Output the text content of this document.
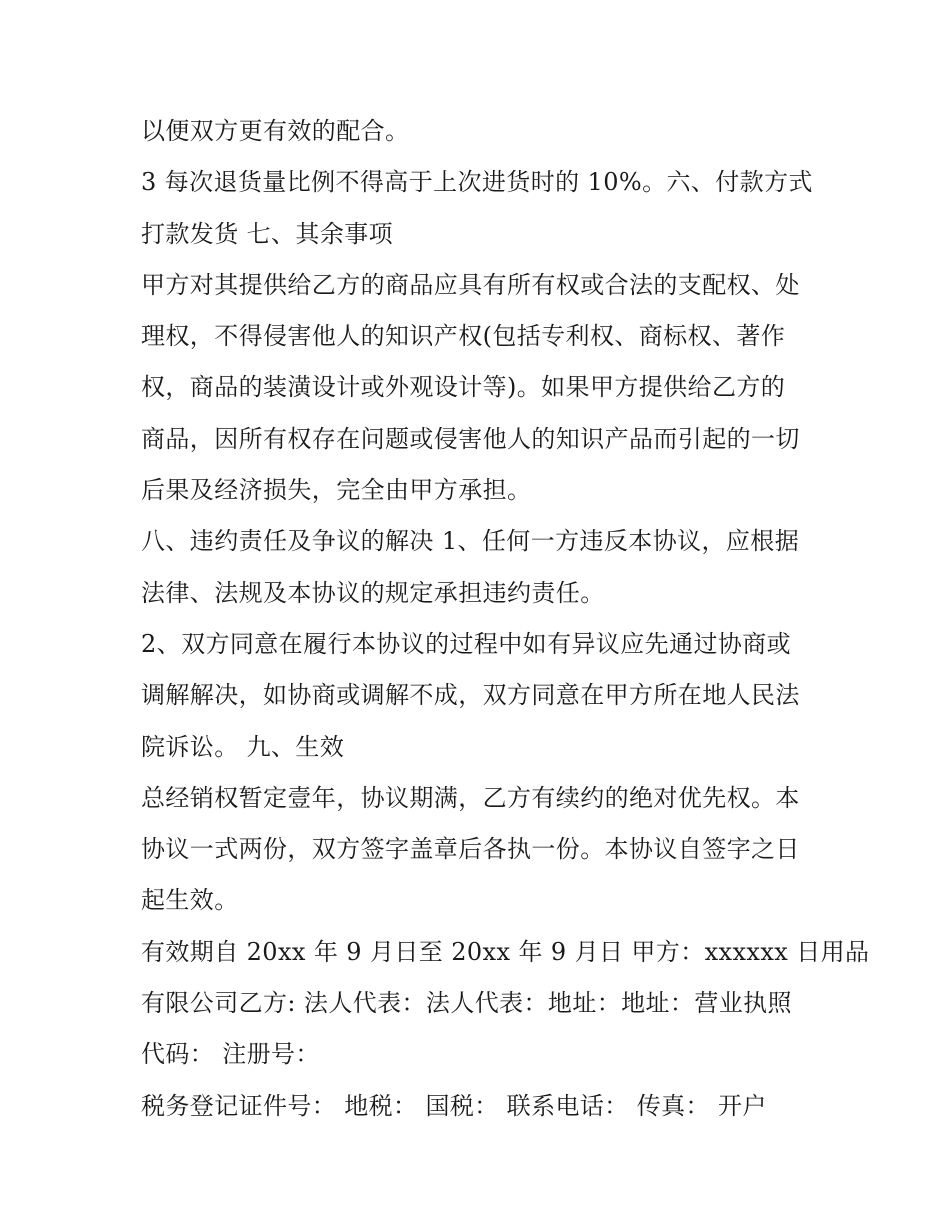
以便双方更有效的配合。
3 每次退货量比例不得高于上次进货时的 10%。六、付款方式
打款发货 七、其余事项
甲方对其提供给乙方的商品应具有所有权或合法的支配权、处
理权，不得侵害他人的知识产权(包括专利权、商标权、著作
权，商品的装潢设计或外观设计等)。如果甲方提供给乙方的
商品，因所有权存在问题或侵害他人的知识产品而引起的一切
后果及经济损失，完全由甲方承担。
八、违约责任及争议的解决 1、任何一方违反本协议，应根据
法律、法规及本协议的规定承担违约责任。
2、双方同意在履行本协议的过程中如有异议应先通过协商或
调解解决，如协商或调解不成，双方同意在甲方所在地人民法
院诉讼。 九、生效
总经销权暂定壹年，协议期满，乙方有续约的绝对优先权。本
协议一式两份，双方签字盖章后各执一份。本协议自签字之日
起生效。
有效期自 20xx 年 9 月日至 20xx 年 9 月日 甲方：xxxxxx 日用品
有限公司乙方: 法人代表：法人代表：地址：地址：营业执照
代码： 注册号：
税务登记证件号： 地税： 国税： 联系电话： 传真： 开户
